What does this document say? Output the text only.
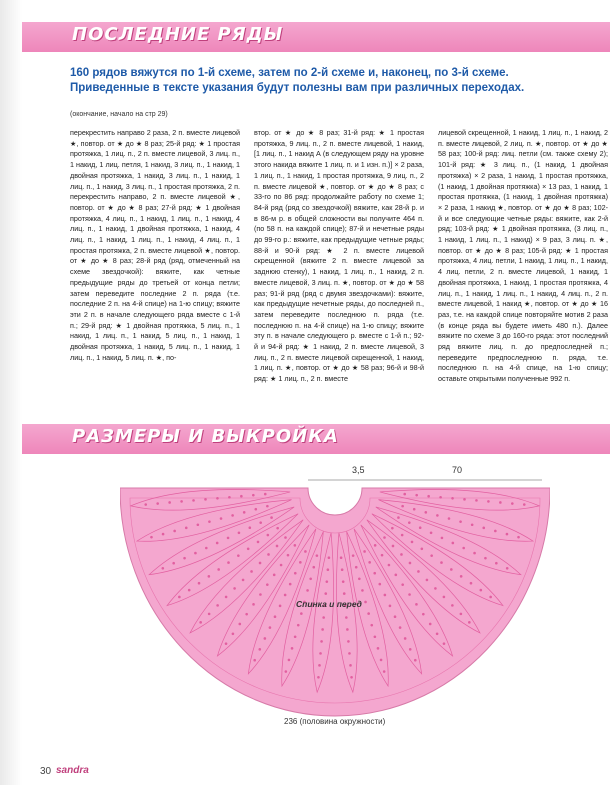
ПОСЛЕДНИЕ РЯДЫ
160 рядов вяжутся по 1-й схеме, затем по 2-й схеме и, наконец, по 3-й схеме. Приведенные в тексте указания будут полезны вам при различных переходах.
(окончание, начало на стр 29)
перекрестить направо 2 раза, 2 п. вместе лицевой ★, повтор. от ★ до ★ 8 раз; 25-й ряд: ★ 1 простая протяжка, 1 лиц. п., 2 п. вместе лицевой, 3 лиц. п., 1 накид, 1 лиц. петля, 1 накид, 3 лиц. п., 1 накид, 1 двойная протяжка, 1 накид, 3 лиц. п., 1 накид, 1 лиц. п., 1 накид, 3 лиц. п., 1 простая протяжка, 2 п. перекрестить направо, 2 п. вместе лицевой ★, повтор. от ★ до ★ 8 раз; 27-й ряд: ★ 1 двойная протяжка, 4 лиц. п., 1 накид, 1 лиц. п., 1 накид, 4 лиц. п., 1 накид, 1 двойная протяжка, 1 накид, 4 лиц. п., 1 накид, 1 лиц. п., 1 накид, 4 лиц. п., 1 простая протяжка, 2 п. вместе лицевой ★, повтор. от ★ до ★ 8 раз; 28-й ряд (ряд, отмеченный на схеме звездочкой): вяжите, как четные предыдущие ряды до третьей от конца петли; затем переведите последние 2 п. ряда (т.е. последние 2 п. на 4-й спице) на 1-ю спицу; вяжите эти 2 п. в начале следующего ряда вместе с 1-й п.; 29-й ряд: ★ 1 двойная протяжка, 5 лиц. п., 1 накид, 1 лиц. п., 1 накид, 5 лиц. п., 1 накид, 1 двойная протяжка, 1 накид, 5 лиц. п., 1 накид, 1 лиц. п., 1 накид, 5 лиц. п. ★, по-
втор. от ★ до ★ 8 раз; 31-й ряд: ★ 1 простая протяжка, 9 лиц. п., 2 п. вместе лицевой, 1 накид, [1 лиц. п., 1 накид А (в следующем ряду на уровне этого накида вяжите 1 лиц. п. и 1 изн. п.)] × 2 раза, 1 лиц. п., 1 накид, 1 простая протяжка, 9 лиц. п., 2 п. вместе лицевой ★, повтор. от ★ до ★ 8 раз; с 33-го по 86 ряд: продолжайте работу по схеме 1; 84-й ряд (ряд со звездочкой) вяжите, как 28-й р. и в 86-м р. в общей сложности вы получите 464 п. (по 58 п. на каждой спице); 87-й и нечетные ряды до 99-го р.: вяжите, как предыдущие четные ряды; 88-й и 90-й ряд: ★ 2 п. вместе лицевой скрещенной (вяжите 2 п. вместе лицевой за заднюю стенку), 1 накид, 1 лиц. п., 1 накид, 2 п. вместе лицевой, 3 лиц. п. ★, повтор. от ★ до ★ 58 раз; 91-й ряд (ряд с двумя звездочками): вяжите, как предыдущие нечетные ряды, до последней п., затем переведите последнюю п. ряда (т.е. последнюю п. на 4-й спице) на 1-ю спицу; вяжите эту п. в начале следующего р. вместе с 1-й п.; 92-й и 94-й ряд: ★ 1 накид, 2 п. вместе лицевой, 3 лиц. п., 2 п. вместе лицевой скрещенной, 1 накид, 1 лиц. п. ★, повтор. от ★ до ★ 58 раз; 96-й и 98-й ряд: ★ 1 лиц. п., 2 п. вместе
лицевой скрещенной, 1 накид, 1 лиц. п., 1 накид, 2 п. вместе лицевой, 2 лиц. п. ★, повтор. от ★ до ★ 58 раз; 100-й ряд: лиц. петли (см. также схему 2); 101-й ряд: ★ 3 лиц. п., (1 накид, 1 двойная протяжка) × 2 раза, 1 накид, 1 простая протяжка, (1 накид, 1 двойная протяжка) × 13 раз, 1 накид, 1 простая протяжка, (1 накид, 1 двойная протяжка) × 2 раза, 1 накид ★, повтор. от ★ до ★ 8 раз; 102-й и все следующие четные ряды: вяжите, как 2-й ряд; 103-й ряд: ★ 1 двойная протяжка, (3 лиц. п., 1 накид, 1 лиц. п., 1 накид) × 9 раз, 3 лиц. п. ★, повтор. от ★ до ★ 8 раз; 105-й ряд: ★ 1 простая протяжка, 4 лиц. петли, 1 накид, 1 лиц. п., 1 накид, 4 лиц. петли, 2 п. вместе лицевой, 1 накид, 1 двойная протяжка, 1 накид, 1 простая протяжка, 4 лиц. п., 1 накид, 1 лиц. п., 1 накид, 4 лиц. п., 2 п. вместе лицевой, 1 накид ★, повтор. от ★ до ★ 16 раз, т.е. на каждой спице повторяйте мотив 2 раза (в конце ряда вы будете иметь 480 п.). Далее вяжите по схеме 3 до 160-го ряда: этот последний ряд вяжите лиц. п. до предпоследней п.; переведите предпоследнюю п. ряда, т.е. последнюю п. на 4-й спице, на 1-ю спицу; оставьте открытыми полученные 992 п.
РАЗМЕРЫ И ВЫКРОЙКА
3,5	70
236 (половина окружности)
Спинка и перед
30 sandra
